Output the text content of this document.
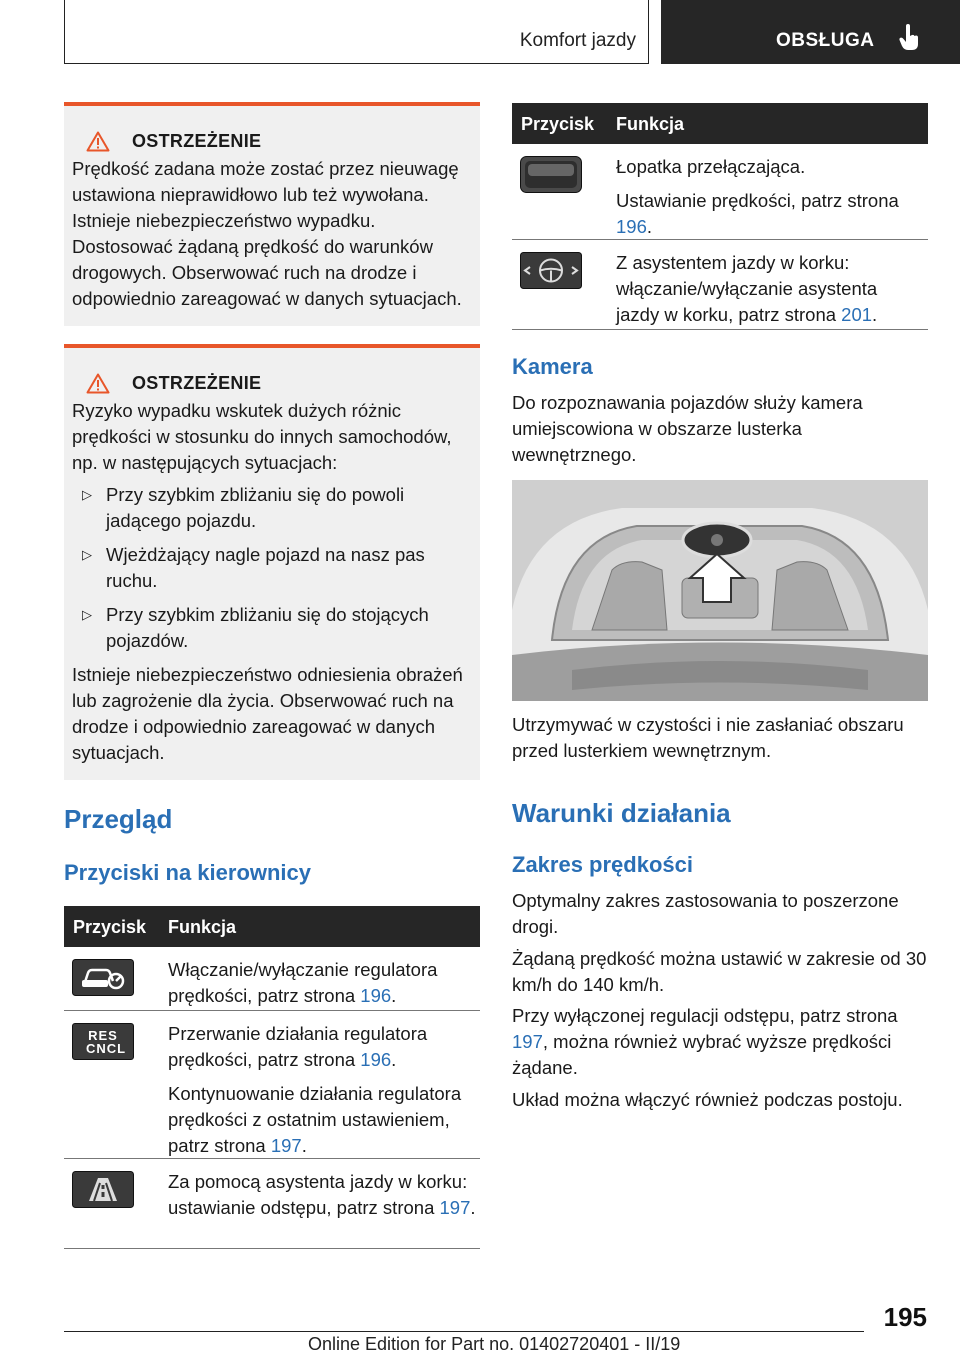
Komfort jazdy	OBSŁUGA
OSTRZEŻENIE

Prędkość zadana może zostać przez nieuwagę ustawiona nieprawidłowo lub też wywołana. Istnieje niebezpieczeństwo wypadku. Dostosować żądaną prędkość do warunków drogowych. Obserwować ruch na drodze i odpowiednio zareagować w danych sytuacjach.

OSTRZEŻENIE

Ryzyko wypadku wskutek dużych różnic prędkości w stosunku do innych samochodów, np. w następujących sytuacjach:

▷ Przy szybkim zbliżaniu się do powoli jadącego pojazdu.
▷ Wjeżdżający nagle pojazd na nasz pas ruchu.
▷ Przy szybkim zbliżaniu się do stojących pojazdów.

Istnieje niebezpieczeństwo odniesienia obrażeń lub zagrożenie dla życia. Obserwować ruch na drodze i odpowiednio zareagować w danych sytuacjach.

Przegląd
Przyciski na kierownicy
Przycisk Funkcja

Włączanie/wyłączanie regulatora prędkości, patrz strona 196.

RES CNCL

Przerwanie działania regulatora prędkości, patrz strona 196.

Kontynuowanie działania regulatora prędkości z ostatnim ustawieniem, patrz strona 197.

Za pomocą asystenta jazdy w korku: ustawianie odstępu, patrz strona 197.

Przycisk Funkcja

Łopatka przełączająca.

Ustawianie prędkości, patrz strona 196.

Z asystentem jazdy w korku: włączanie/wyłączanie asystenta jazdy w korku, patrz strona 201.

Kamera

Do rozpoznawania pojazdów służy kamera umiejscowiona w obszarze lusterka wewnętrznego.

Utrzymywać w czystości i nie zasłaniać obszaru przed lusterkiem wewnętrznym.

Warunki działania
Zakres prędkości

Optymalny zakres zastosowania to poszerzone drogi.

Żądaną prędkość można ustawić w zakresie od 30 km/h do 140 km/h.

Przy wyłączonej regulacji odstępu, patrz strona 197, można również wybrać wyższe prędkości żądane.

Układ można włączyć również podczas postoju.

195
Online Edition for Part no. 01402720401 - II/19
